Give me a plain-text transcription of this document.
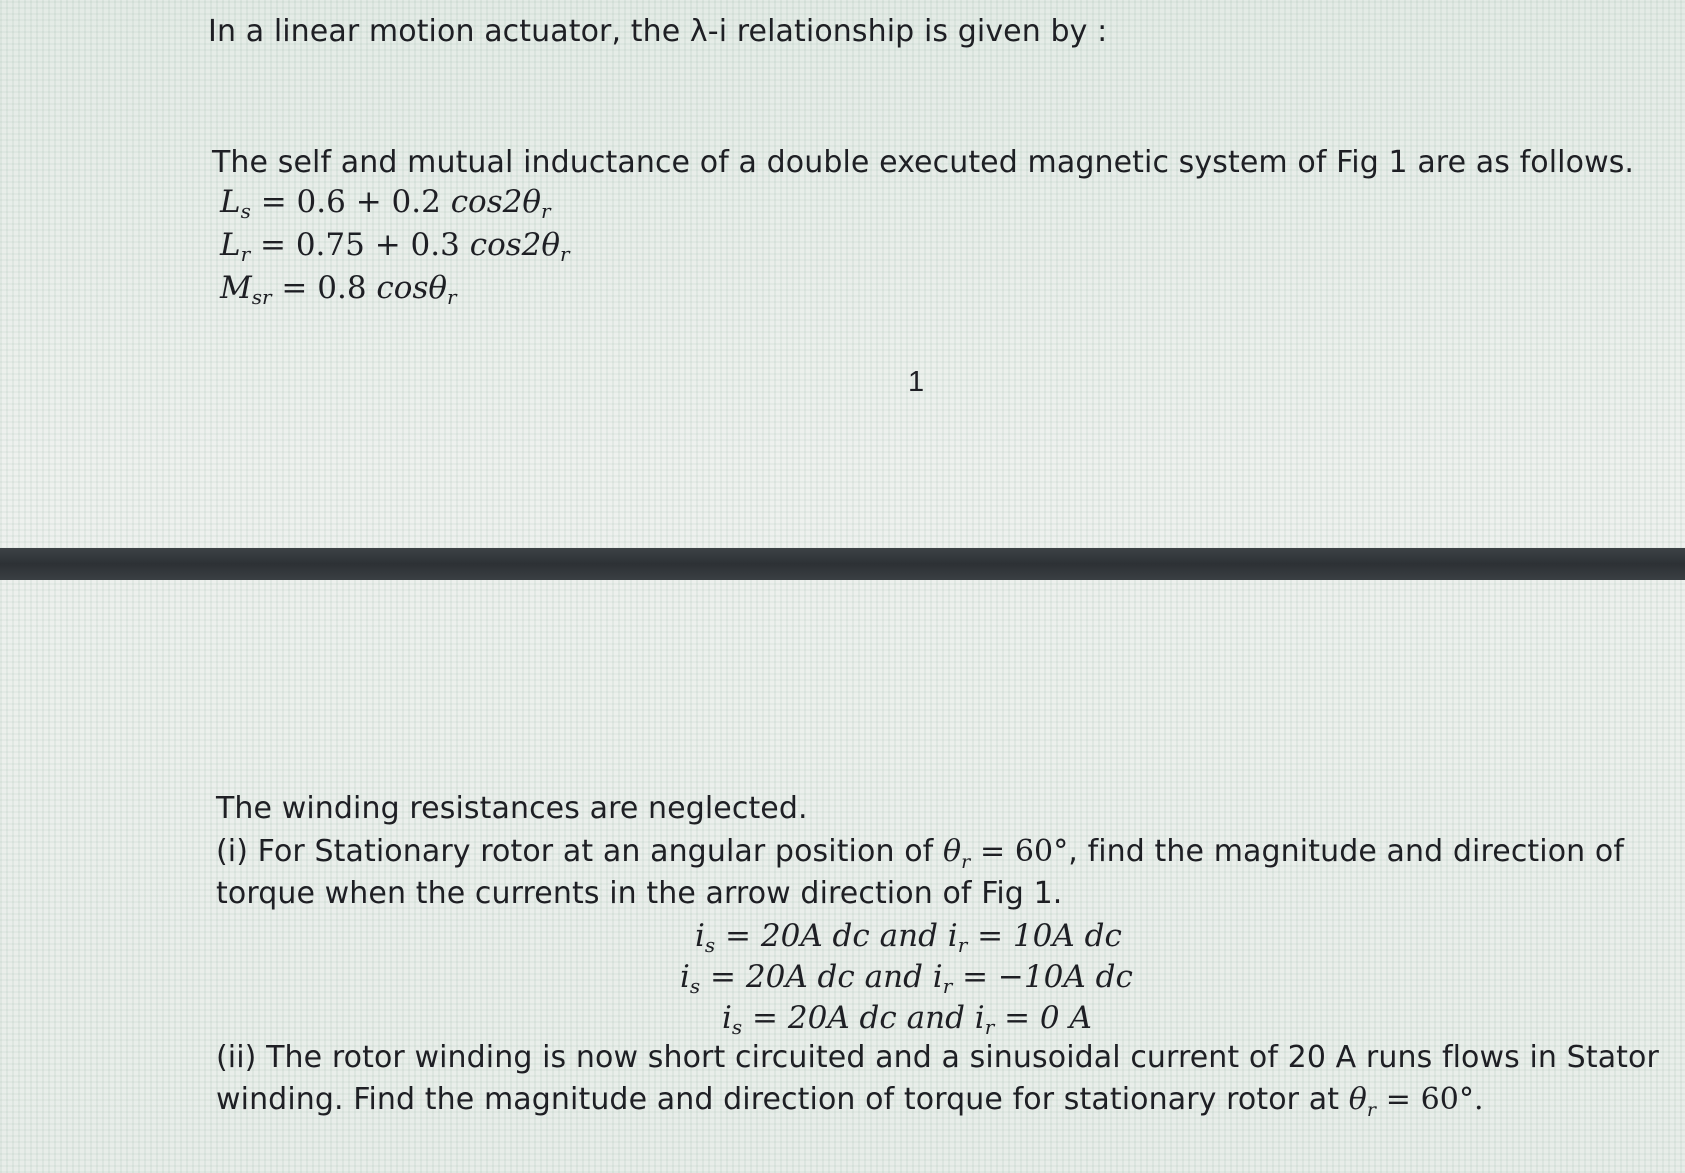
In a linear motion actuator, the λ-i relationship is given by :
The self and mutual inductance of a double executed magnetic system of Fig 1 are as follows.
$L_s = 0.6 + 0.2$ $\cos 2\theta_r$
$L_r = 0.75 + 0.3$ $\cos 2\theta_r$
$M_{sr} = 0.8$ cosθ$_r$
1
The winding resistances are neglected.
(i) For Stationary rotor at an angular position of $\theta_r = 60^\circ$, find the magnitude and direction of
torque when the currents in the arrow direction of Fig 1.
$i_s = 20A$ dc and $i_r = 10A$ dc
$i_s = 20A$ dc and $i_r = -10A$ dc
$i_s = 20A$ dc and $i_r = 0$ A
(ii) The rotor winding is now short circuited and a sinusoidal current of 20 A runs flows in Stator
winding. Find the magnitude and direction of torque for stationary rotor at $\theta_r = 60^\circ$.
